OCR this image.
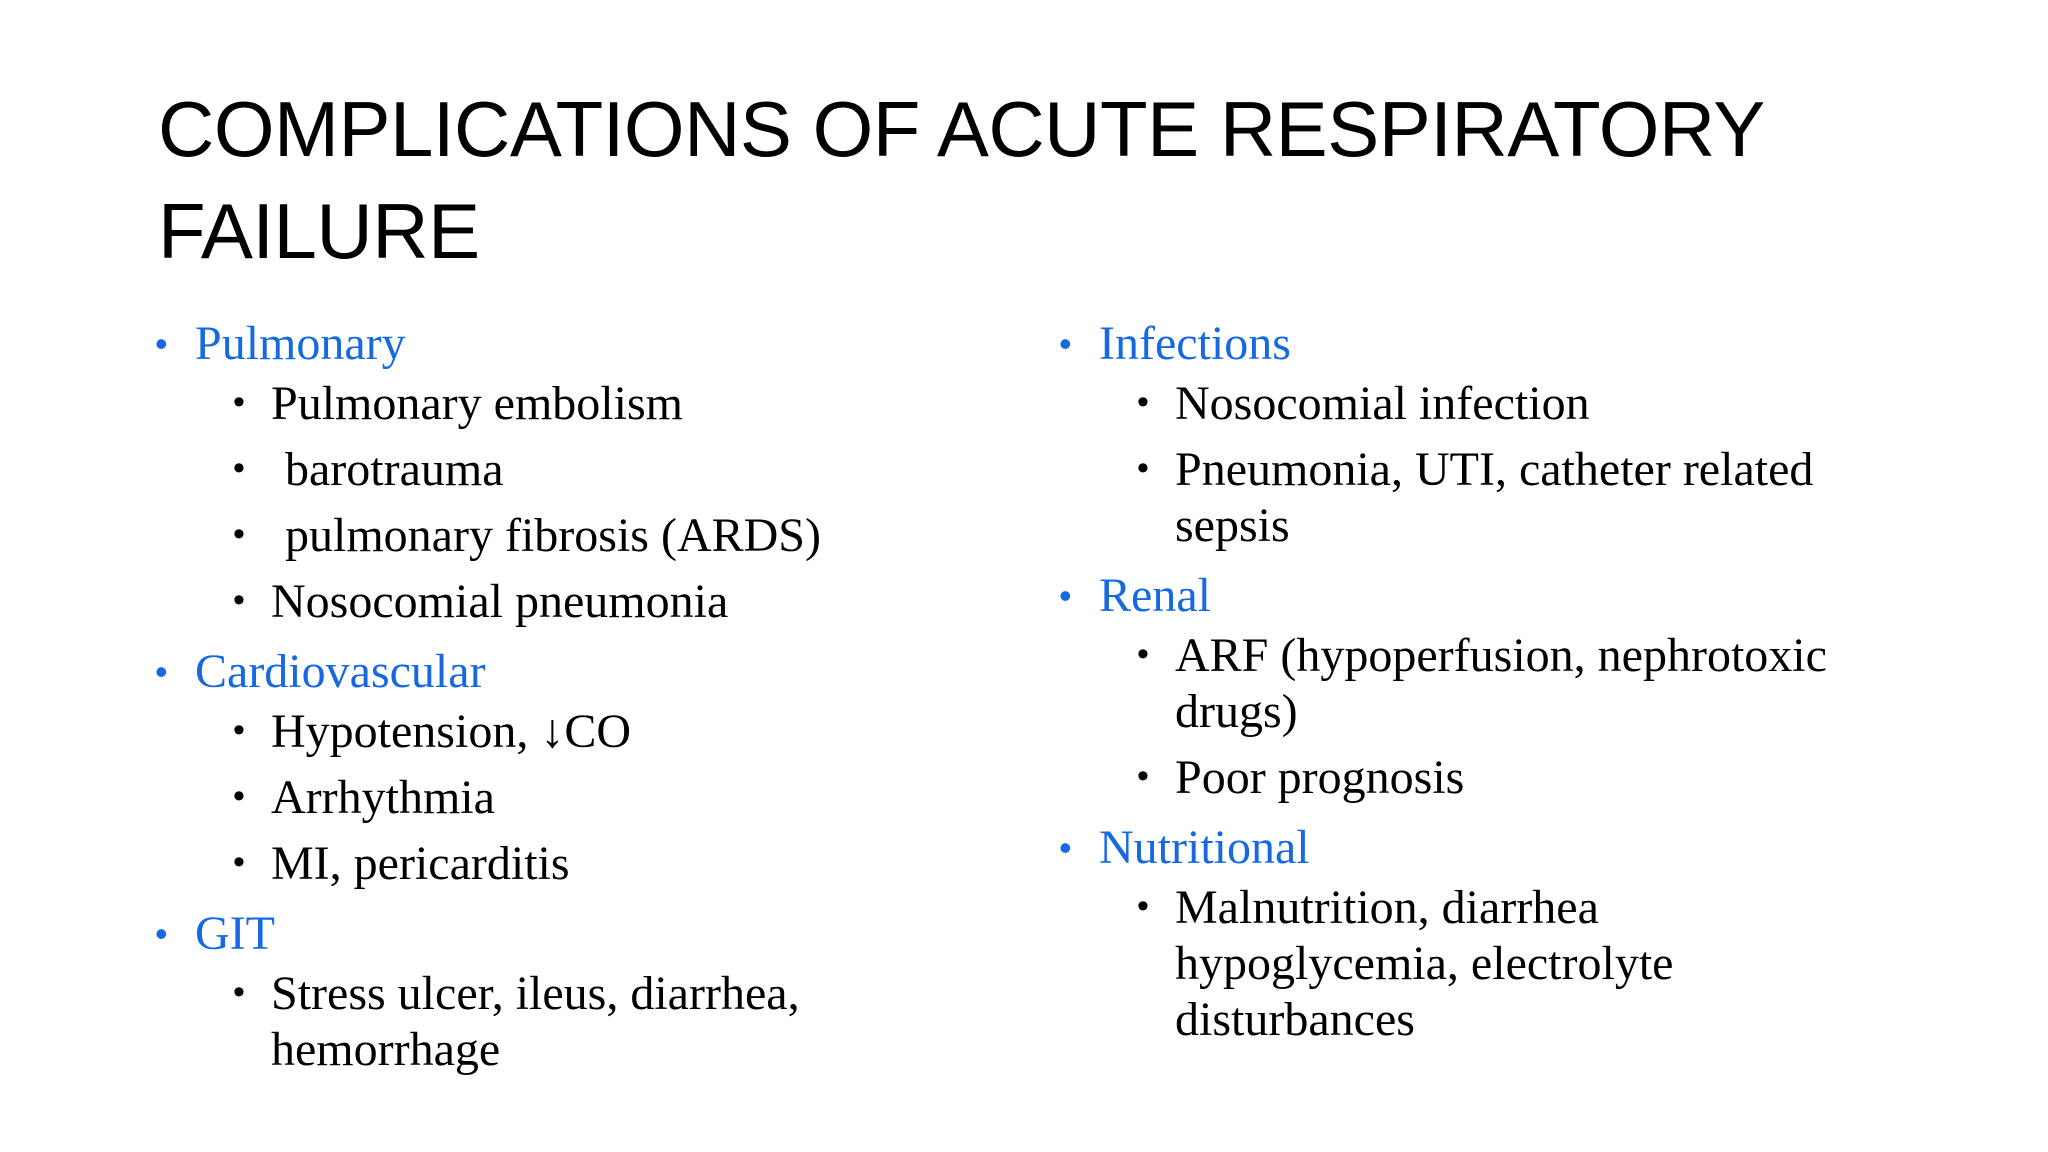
COMPLICATIONS OF ACUTE RESPIRATORY FAILURE
• Pulmonary
• Pulmonary embolism
• barotrauma
• pulmonary fibrosis (ARDS)
• Nosocomial pneumonia
• Cardiovascular
• Hypotension, ↓CO
• Arrhythmia
• MI, pericarditis
• GIT
• Stress ulcer, ileus, diarrhea, hemorrhage
• Infections
• Nosocomial infection
• Pneumonia, UTI, catheter related sepsis
• Renal
• ARF (hypoperfusion, nephrotoxic drugs)
• Poor prognosis
• Nutritional
• Malnutrition, diarrhea hypoglycemia, electrolyte disturbances
